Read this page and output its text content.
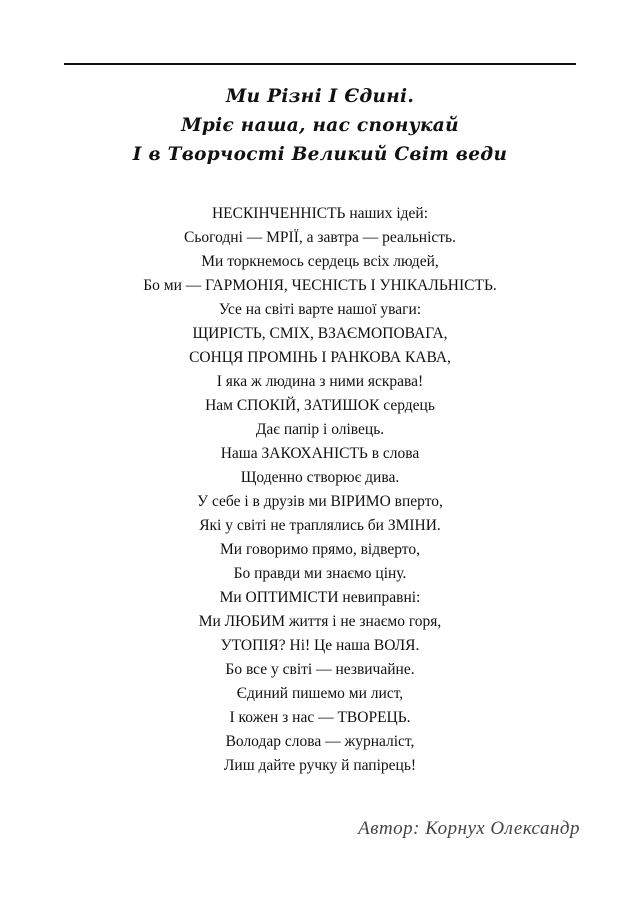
Ми Різні І Єдині.
Мріє наша, нас спонукай
І в Творчості Великий Світ веди
НЕСКІНЧЕННІСТЬ наших ідей:
Сьогодні — МРІЇ, а завтра — реальність.
Ми торкнемось сердець всіх людей,
Бо ми — ГАРМОНІЯ, ЧЕСНІСТЬ І УНІКАЛЬНІСТЬ.
Усе на світі варте нашої уваги:
ЩИРІСТЬ, СМІХ, ВЗАЄМОПОВАГА,
СОНЦЯ ПРОМІНЬ І РАНКОВА КАВА,
І яка ж людина з ними яскрава!
Нам СПОКІЙ, ЗАТИШОК сердець
Дає папір і олівець.
Наша ЗАКОХАНІСТЬ в слова
Щоденно створює дива.
У себе і в друзів ми ВІРИМО вперто,
Які у світі не траплялись би ЗМІНИ.
Ми говоримо прямо, відверто,
Бо правди ми знаємо ціну.
Ми ОПТИМІСТИ невиправні:
Ми ЛЮБИМ життя і не знаємо горя,
УТОПІЯ? Ні! Це наша ВОЛЯ.
Бо все у світі — незвичайне.
Єдиний пишемо ми лист,
І кожен з нас — ТВОРЕЦЬ.
Володар слова — журналіст,
Лиш дайте ручку й папірець!
Автор: Корнух Олександр
